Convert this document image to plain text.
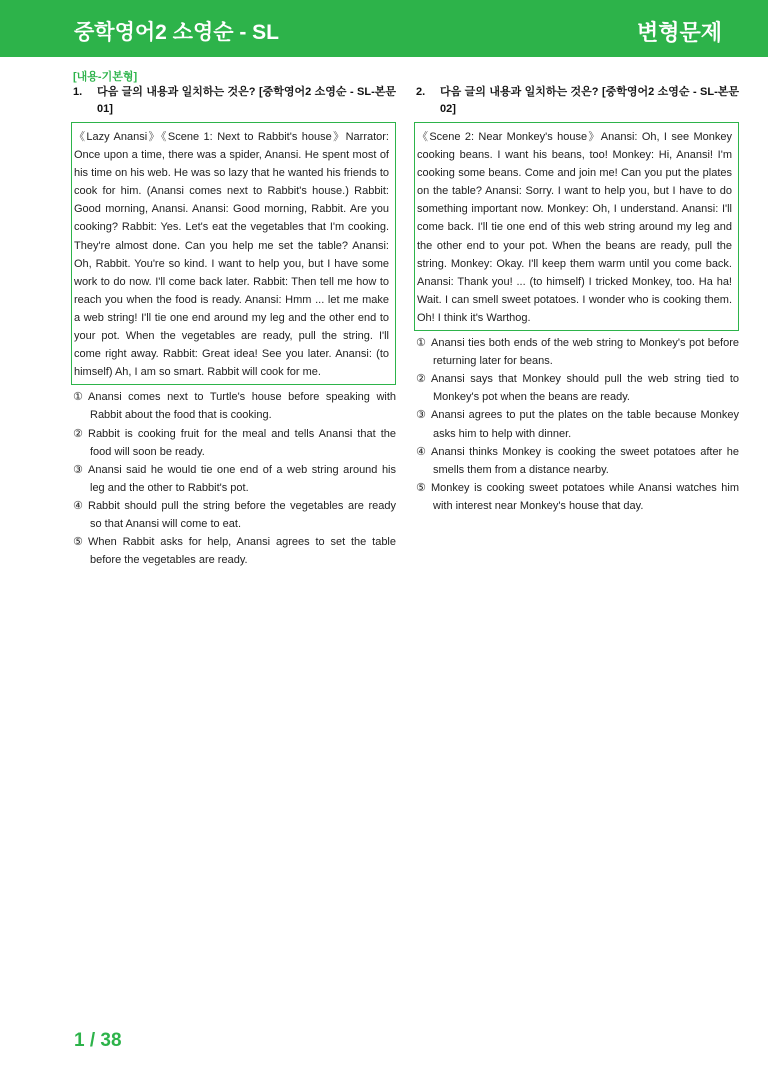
중학영어2 소영순 - SL	변형문제
[내용-기본형]
1.	다음 글의 내용과 일치하는 것은? [중학영어2 소영순 - SL-본문 01]
《Lazy Anansi》《Scene 1: Next to Rabbit's house》Narrator: Once upon a time, there was a spider, Anansi. He spent most of his time on his web. He was so lazy that he wanted his friends to cook for him. (Anansi comes next to Rabbit's house.) Rabbit: Good morning, Anansi. Anansi: Good morning, Rabbit. Are you cooking? Rabbit: Yes. Let's eat the vegetables that I'm cooking. They're almost done. Can you help me set the table? Anansi: Oh, Rabbit. You're so kind. I want to help you, but I have some work to do now. I'll come back later. Rabbit: Then tell me how to reach you when the food is ready. Anansi: Hmm ... let me make a web string! I'll tie one end around my leg and the other end to your pot. When the vegetables are ready, pull the string. I'll come right away. Rabbit: Great idea! See you later. Anansi: (to himself) Ah, I am so smart. Rabbit will cook for me.
① Anansi comes next to Turtle's house before speaking with Rabbit about the food that is cooking.
② Rabbit is cooking fruit for the meal and tells Anansi that the food will soon be ready.
③ Anansi said he would tie one end of a web string around his leg and the other to Rabbit's pot.
④ Rabbit should pull the string before the vegetables are ready so that Anansi will come to eat.
⑤ When Rabbit asks for help, Anansi agrees to set the table before the vegetables are ready.
2.	다음 글의 내용과 일치하는 것은? [중학영어2 소영순 - SL-본문 02]
《Scene 2: Near Monkey's house》Anansi: Oh, I see Monkey cooking beans. I want his beans, too! Monkey: Hi, Anansi! I'm cooking some beans. Come and join me! Can you put the plates on the table? Anansi: Sorry. I want to help you, but I have to do something important now. Monkey: Oh, I understand. Anansi: I'll come back. I'll tie one end of this web string around my leg and the other end to your pot. When the beans are ready, pull the string. Monkey: Okay. I'll keep them warm until you come back. Anansi: Thank you! ... (to himself) I tricked Monkey, too. Ha ha! Wait. I can smell sweet potatoes. I wonder who is cooking them. Oh! I think it's Warthog.
① Anansi ties both ends of the web string to Monkey's pot before returning later for beans.
② Anansi says that Monkey should pull the web string tied to Monkey's pot when the beans are ready.
③ Anansi agrees to put the plates on the table because Monkey asks him to help with dinner.
④ Anansi thinks Monkey is cooking the sweet potatoes after he smells them from a distance nearby.
⑤ Monkey is cooking sweet potatoes while Anansi watches him with interest near Monkey's house that day.
1 / 38
